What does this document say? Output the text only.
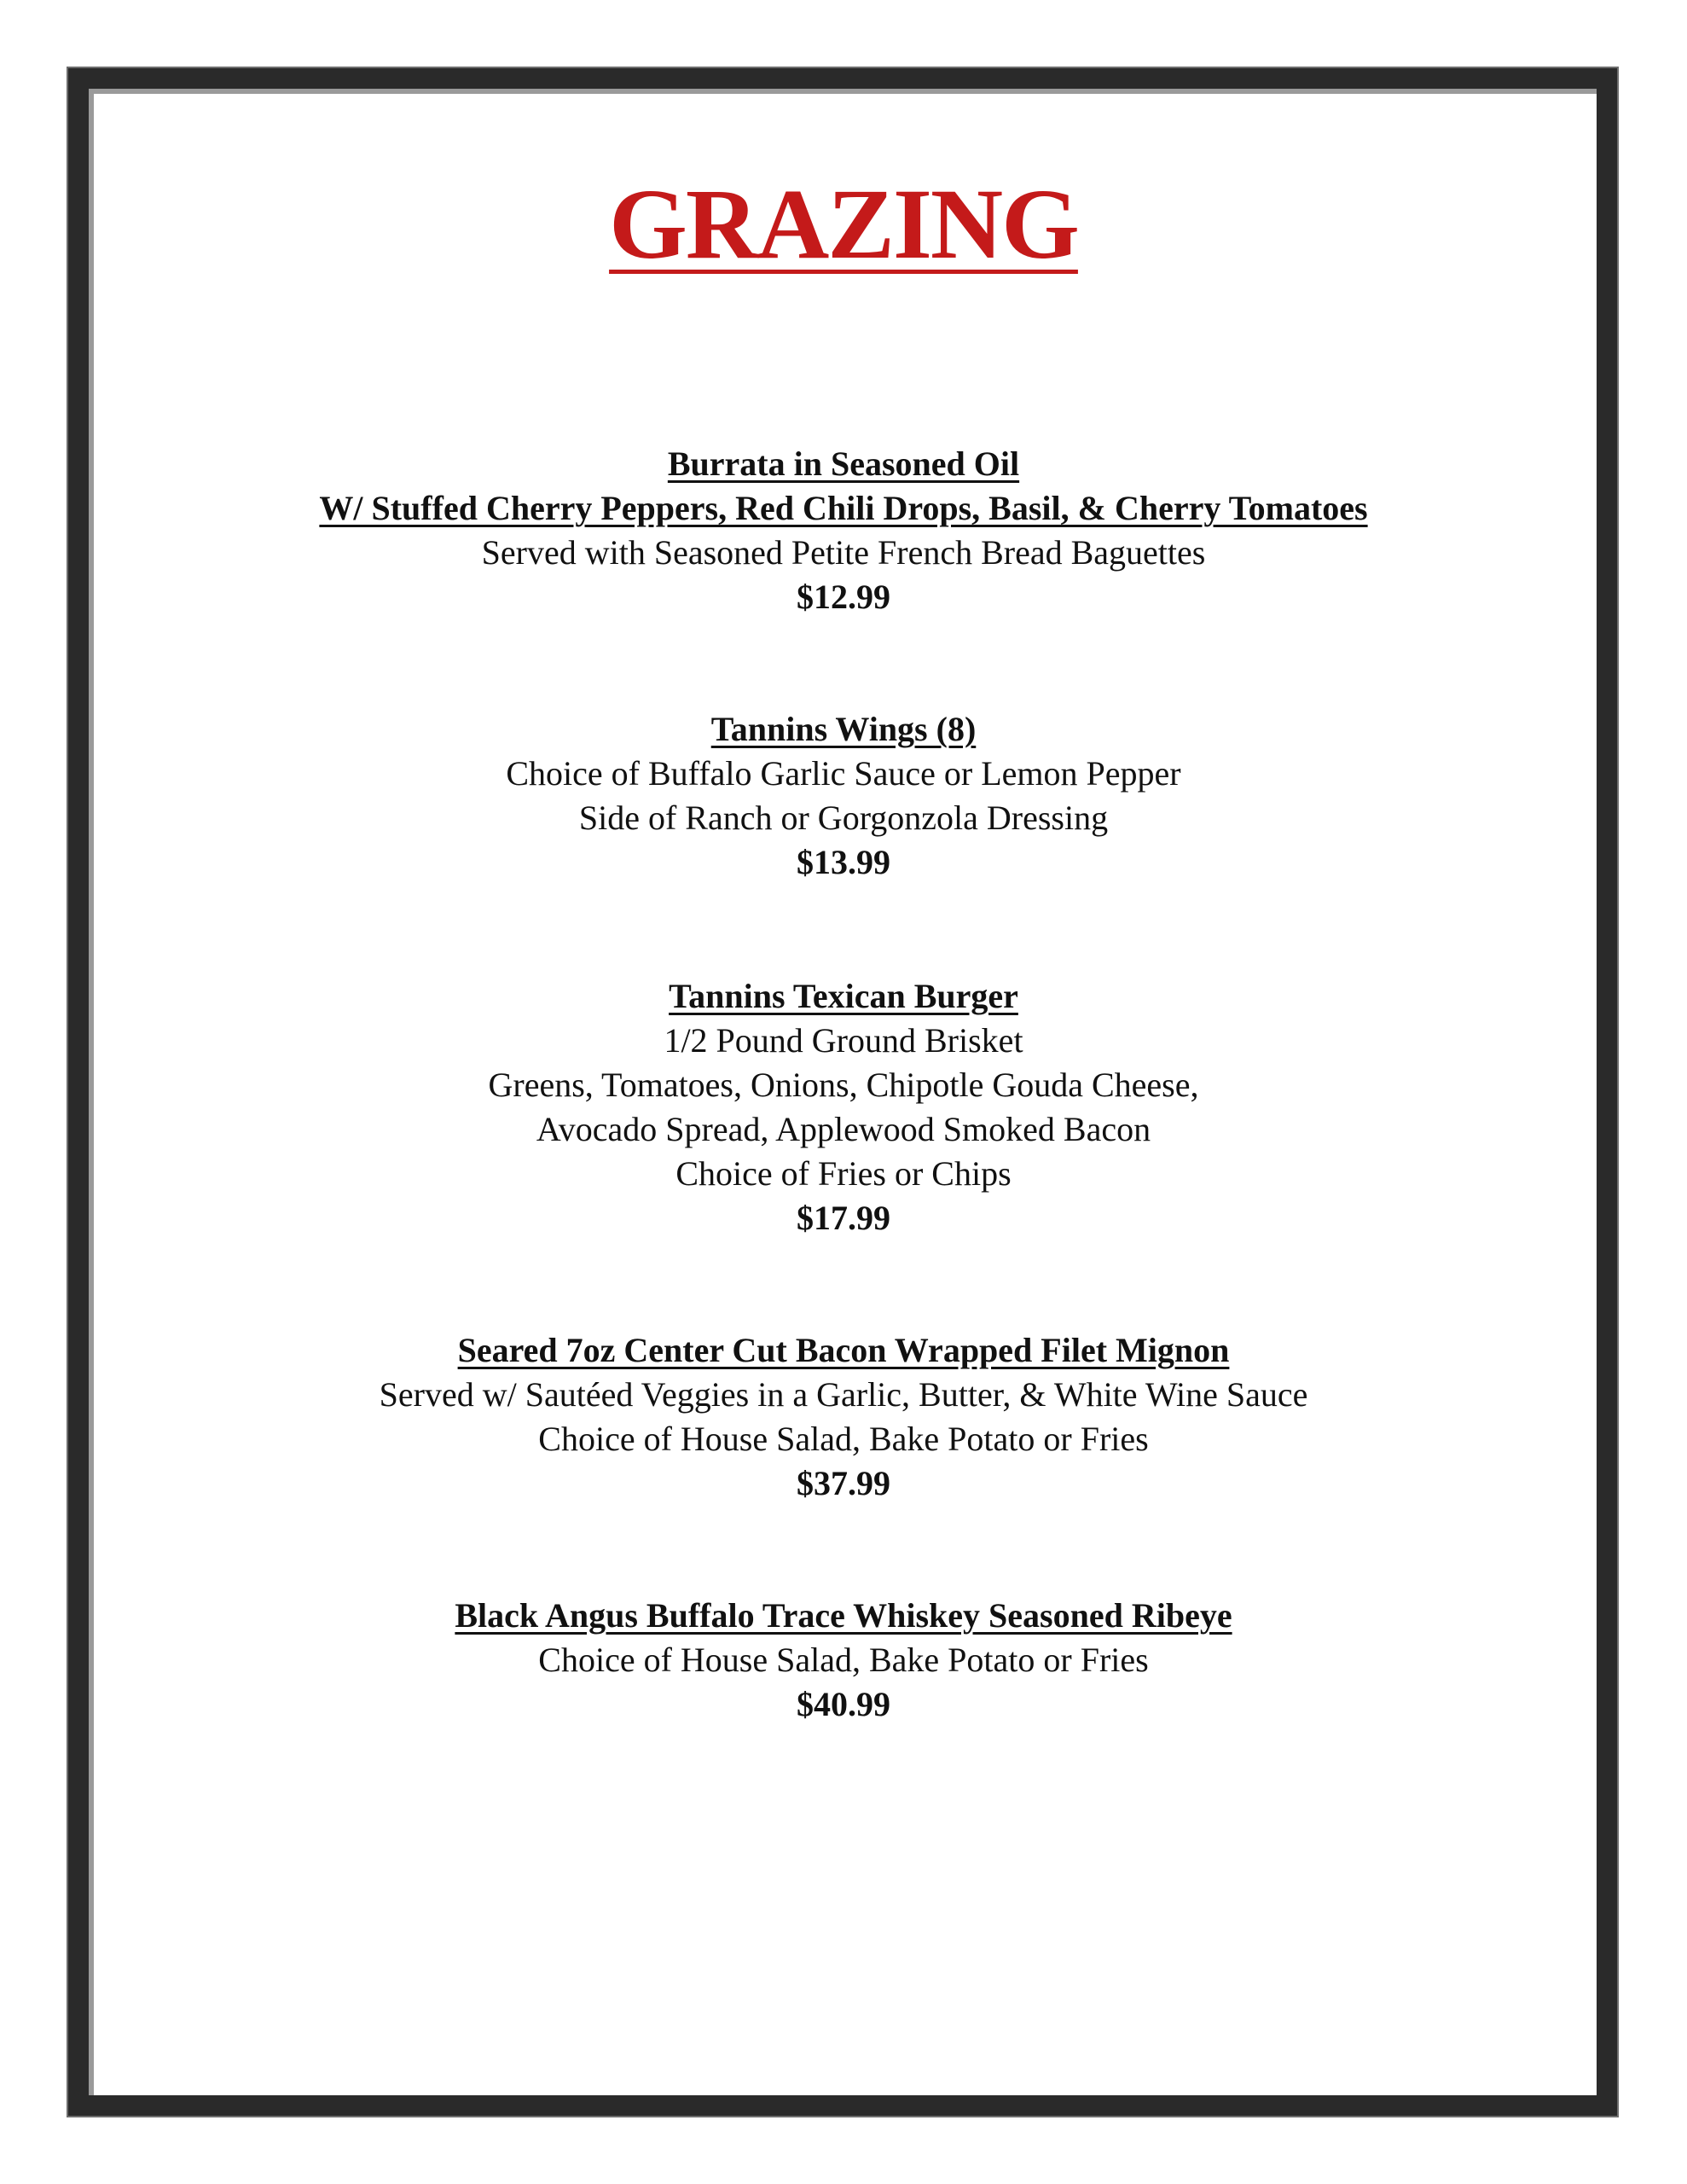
GRAZING
Burrata in Seasoned Oil
W/ Stuffed Cherry Peppers, Red Chili Drops, Basil, & Cherry Tomatoes
Served with Seasoned Petite French Bread Baguettes
$12.99
Tannins Wings (8)
Choice of Buffalo Garlic Sauce or Lemon Pepper
Side of Ranch or Gorgonzola Dressing
$13.99
Tannins Texican Burger
1/2 Pound Ground Brisket
Greens, Tomatoes, Onions, Chipotle Gouda Cheese,
Avocado Spread, Applewood Smoked Bacon
Choice of Fries or Chips
$17.99
Seared 7oz Center Cut Bacon Wrapped Filet Mignon
Served w/ Sautéed Veggies in a Garlic, Butter, & White Wine Sauce
Choice of House Salad, Bake Potato or Fries
$37.99
Black Angus Buffalo Trace Whiskey Seasoned Ribeye
Choice of House Salad, Bake Potato or Fries
$40.99
